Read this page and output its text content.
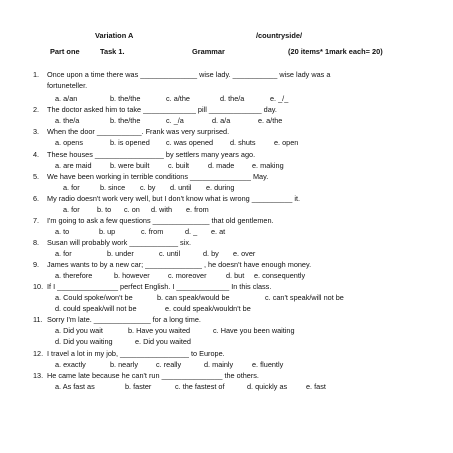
Variation A	/countryside/
Part one	Task 1.	Grammar	(20 items* 1mark each= 20)
1. Once upon a time there was ______________ wise lady. ___________ wise lady was a
fortuneteller.
a. a/an	b. the/the	c. a/the	d. the/a	e. _/_
2. The doctor asked him to take _____________ pill _____________ day.
a. the/a	b. the/the	c. _/a	d. a/a	e. a/the
3. When the door ___________. Frank was very surprised.
a. opens	b. is opened c. was opened d. shuts	e. open
4. These houses _________________ by settlers many years ago.
a. are maid	b. were built	c. built	d. made e. making
5. We have been working in terrible conditions _______________ May.
a. for	b. since c. by d. until e. during
6. My radio doesn't work very well, but I don't know what is wrong __________ it.
a. for b. to c. on d. with e. from
7. I'm going to ask a few questions ______________ that old gentlemen.
a. to	b. up	c. from	d. _ e. at
8. Susan will probably work ____________ six.
a. for	b. under	c. until	d. by e. over
9. James wants to by a new car; ______________ , he doesn't have enough money.
a. therefore	b. however	c. moreover	d. but e. consequently
10. If I _______________ perfect English. I _____________ In this class.
a. Could spoke/won't be	b. can speak/would be	c. can't speak/will not be
d. could speak/will not be	e. could speak/wouldn't be
11. Sorry I'm late. ______________ for a long time.
a. Did you wait	b. Have you waited	c. Have you been waiting
d. Did you waiting	e. Did you waited
12. I travel a lot in my job, _________________ to Europe.
a. exactly	b. nearly c. really	d. mainly	e. fluently
13. He came late because he can't run _______________ the others.
a. As fast as	b. faster	c. the fastest of	d. quickly as	e. fast
